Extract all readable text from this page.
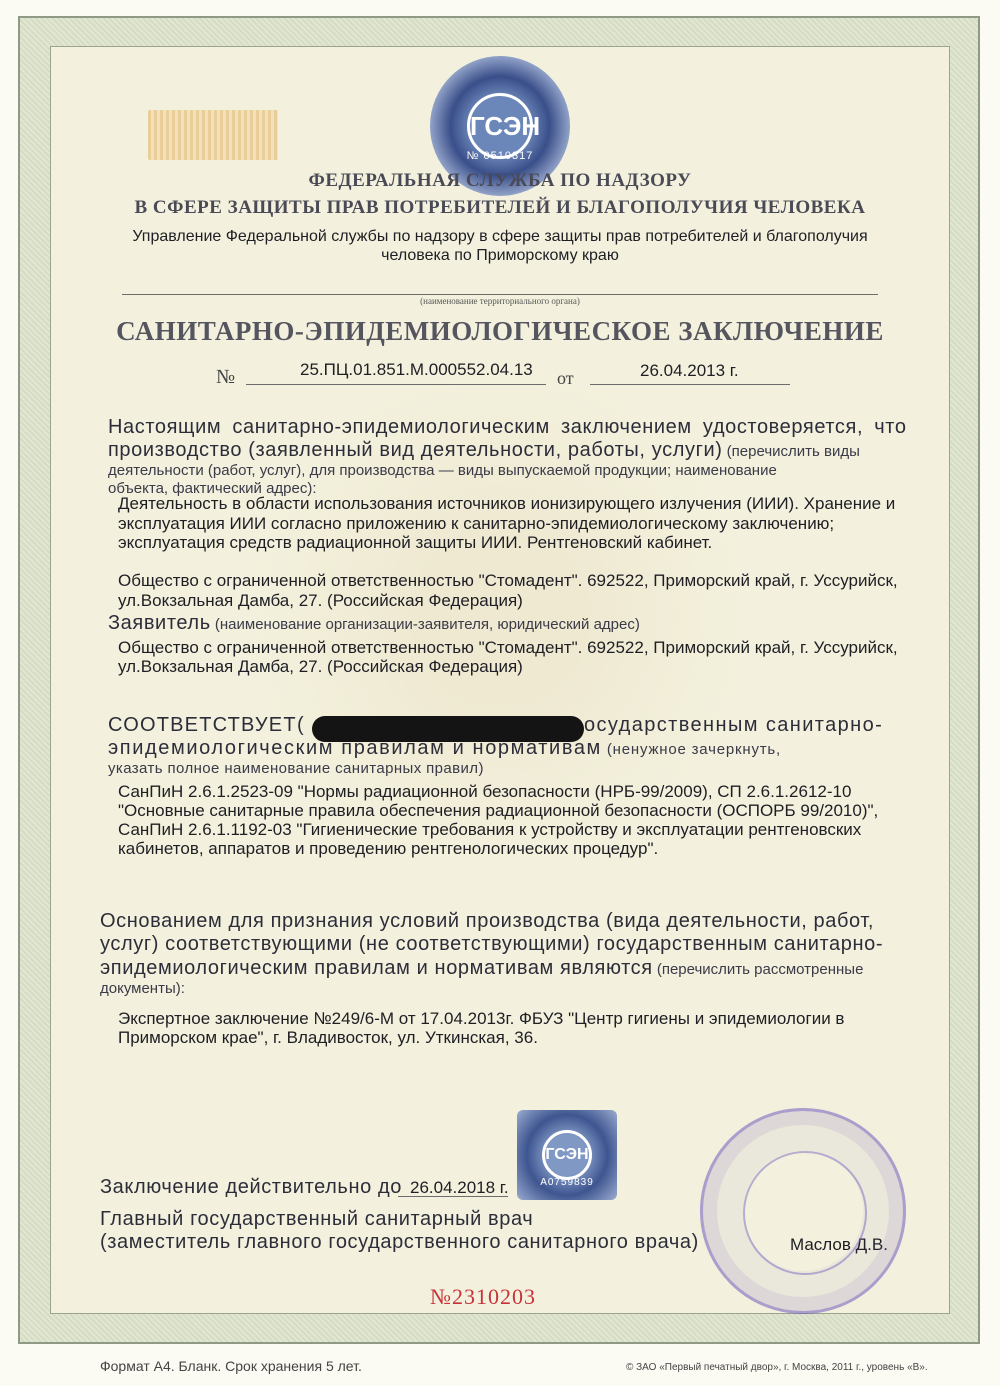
ГСЭН
№ 0510317
ФЕДЕРАЛЬНАЯ СЛУЖБА ПО НАДЗОРУ
В СФЕРЕ ЗАЩИТЫ ПРАВ ПОТРЕБИТЕЛЕЙ И БЛАГОПОЛУЧИЯ ЧЕЛОВЕКА
Управление Федеральной службы по надзору в сфере защиты прав потребителей и благополучия
человека по Приморскому краю
(наименование территориального органа)
САНИТАРНО-ЭПИДЕМИОЛОГИЧЕСКОЕ ЗАКЛЮЧЕНИЕ
№	25.ПЦ.01.851.М.000552.04.13 от	26.04.2013 г.
Настоящим санитарно-эпидемиологическим заключением удостоверяется, что
производство (заявленный вид деятельности, работы, услуги) (перечислить виды
деятельности (работ, услуг), для производства — виды выпускаемой продукции; наименование
объекта, фактический адрес):
Деятельность в области использования источников ионизирующего излучения (ИИИ). Хранение и
эксплуатация ИИИ согласно приложению к санитарно-эпидемиологическому заключению;
эксплуатация средств радиационной защиты ИИИ. Рентгеновский кабинет.
Общество с ограниченной ответственностью "Стомадент". 692522, Приморский край, г. Уссурийск,
ул.Вокзальная Дамба, 27. (Российская Федерация)
Заявитель (наименование организации-заявителя, юридический адрес)
Общество с ограниченной ответственностью "Стомадент". 692522, Приморский край, г. Уссурийск,
ул.Вокзальная Дамба, 27. (Российская Федерация)
СООТВЕТСТВУЕТ (	осударственным санитарно-
эпидемиологическим правилам и нормативам (ненужное зачеркнуть,
указать полное наименование санитарных правил)
СанПиН 2.6.1.2523-09 "Нормы радиационной безопасности (НРБ-99/2009), СП 2.6.1.2612-10
"Основные санитарные правила обеспечения радиационной безопасности (ОСПОРБ 99/2010)",
СанПиН 2.6.1.1192-03 "Гигиенические требования к устройству и эксплуатации рентгеновских
кабинетов, аппаратов и проведению рентгенологических процедур".
Основанием для признания условий производства (вида деятельности, работ,
услуг) соответствующими (не соответствующими) государственным санитарно-
эпидемиологическим правилам и нормативам являются (перечислить рассмотренные
документы):
Экспертное заключение №249/6-М от 17.04.2013г. ФБУЗ "Центр гигиены и эпидемиологии в
Приморском крае", г. Владивосток, ул. Уткинская, 36.
ГСЭН
А0759839
Заключение действительно до 26.04.2018 г.
Главный государственный санитарный врач
(заместитель главного государственного санитарного врача)	Маслов Д.В.
№2310203
Формат А4. Бланк. Срок хранения 5 лет.	© ЗАО «Первый печатный двор», г. Москва, 2011 г., уровень «В».
